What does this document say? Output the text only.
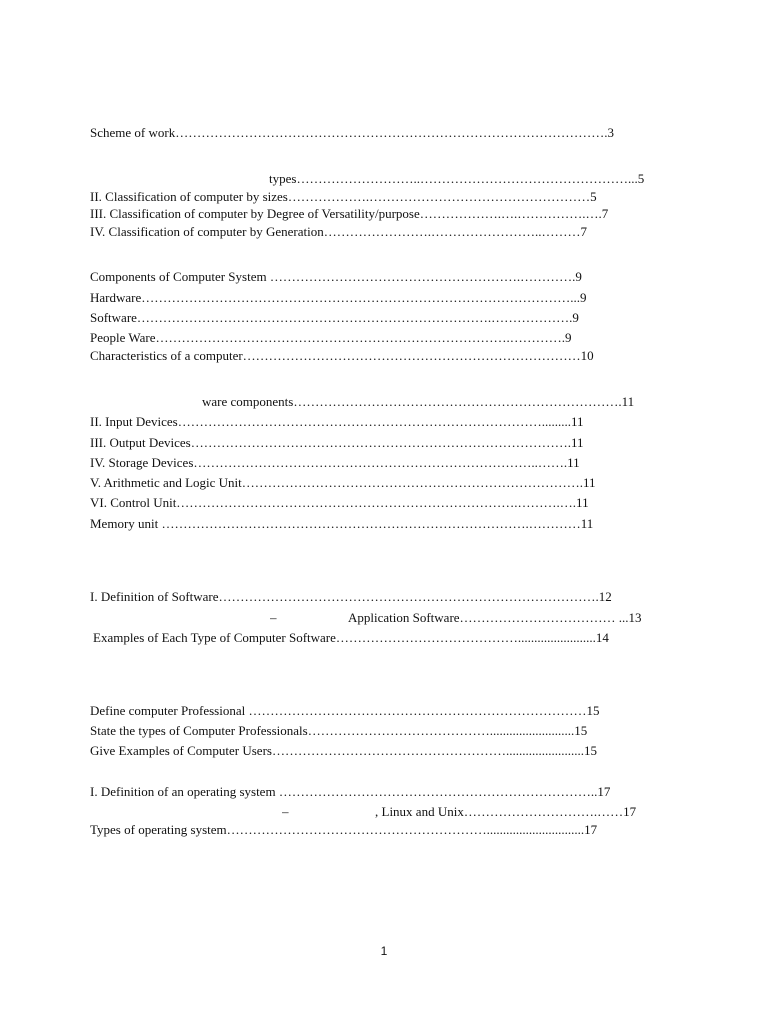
Scheme of work……………………………………………………………………………………….3
types………………………..…………………………………………...5
II. Classification of computer by sizes……………….……………………………………………5
III. Classification of computer by Degree of Versatility/purpose……………….….…………….….7
IV. Classification of computer by Generation…………………….……………………..………7
Components of Computer System ………………………………………………….………….9
Hardware………………………………………………………………………………………...9
Software……………………………………………………………………….……………….9
People Ware……………………………………………………………………….………….9
Characteristics of a computer……………………………………………………………………10
ware components………………………………………………………………….11
II. Input Devices………………………………………………………………………….........11
III. Output Devices…………………………………………………………………………….11
IV. Storage Devices……………………………………………………………………..…….11
V. Arithmetic and Logic Unit…………………………………………………………………….11
VI. Control Unit…………………………………………………………………….……….….11
Memory unit ………………………………………………………………………….…………11
I. Definition of Software…………………………………………………………………………….12
–	Application Software……………………………… ...13
Examples of Each Type of Computer Software……………………………………........................14
Define computer Professional ……………………………………………………………………15
State the types of Computer Professionals……………………………………..........................15
Give Examples of Computer Users………………………………………………........................15
I. Definition of an operating system ………………………………………………………………..17
–	, Linux and Unix………………………….……17
Types of operating system……………………………………………………..............................17
1
